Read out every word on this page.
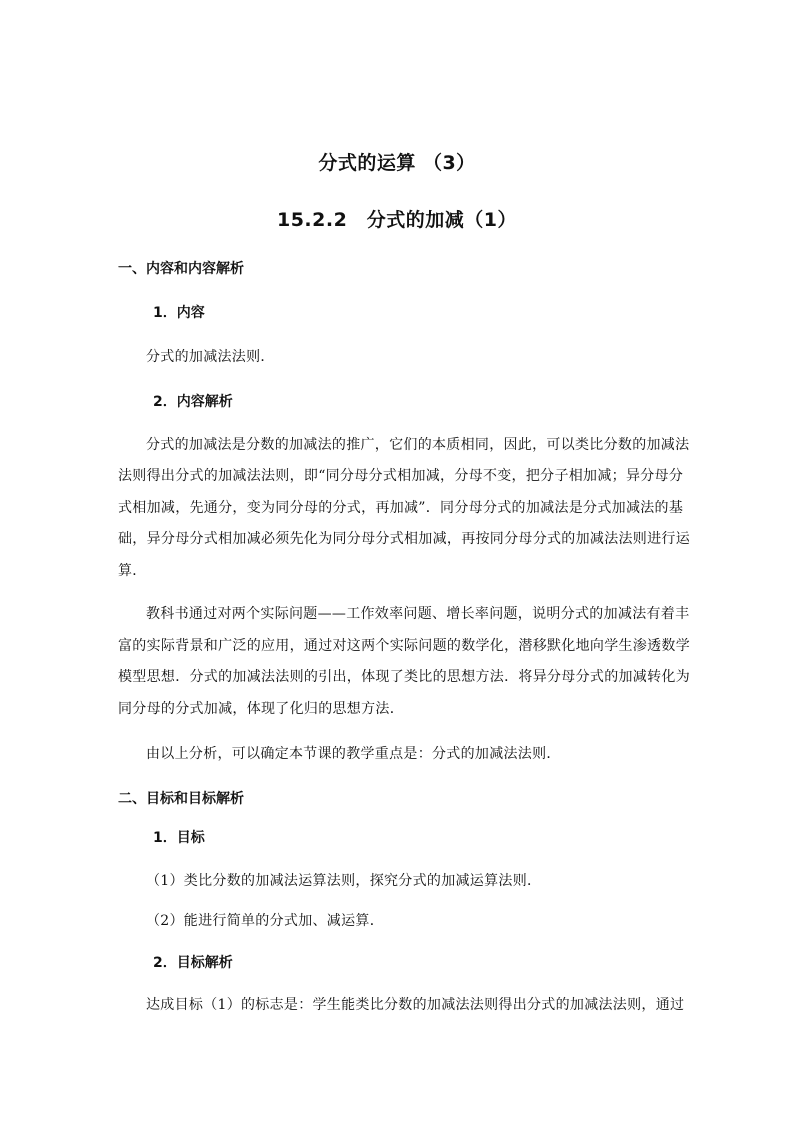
分式的运算 （3）
15.2.2　分式的加减（1）
一、内容和内容解析
1．内容
分式的加减法法则．
2．内容解析
分式的加减法是分数的加减法的推广，它们的本质相同，因此，可以类比分数的加减法
法则得出分式的加减法法则，即“同分母分式相加减，分母不变，把分子相加减；异分母分
式相加减，先通分，变为同分母的分式，再加减”．同分母分式的加减法是分式加减法的基
础，异分母分式相加减必须先化为同分母分式相加减，再按同分母分式的加减法法则进行运
算．
教科书通过对两个实际问题——工作效率问题、增长率问题，说明分式的加减法有着丰
富的实际背景和广泛的应用，通过对这两个实际问题的数学化，潜移默化地向学生渗透数学
模型思想．分式的加减法法则的引出，体现了类比的思想方法．将异分母分式的加减转化为
同分母的分式加减，体现了化归的思想方法．
由以上分析，可以确定本节课的教学重点是：分式的加减法法则．
二、目标和目标解析
1．目标
（1）类比分数的加减法运算法则，探究分式的加减运算法则．
（2）能进行简单的分式加、减运算．
2．目标解析
达成目标（1）的标志是：学生能类比分数的加减法法则得出分式的加减法法则，通过
